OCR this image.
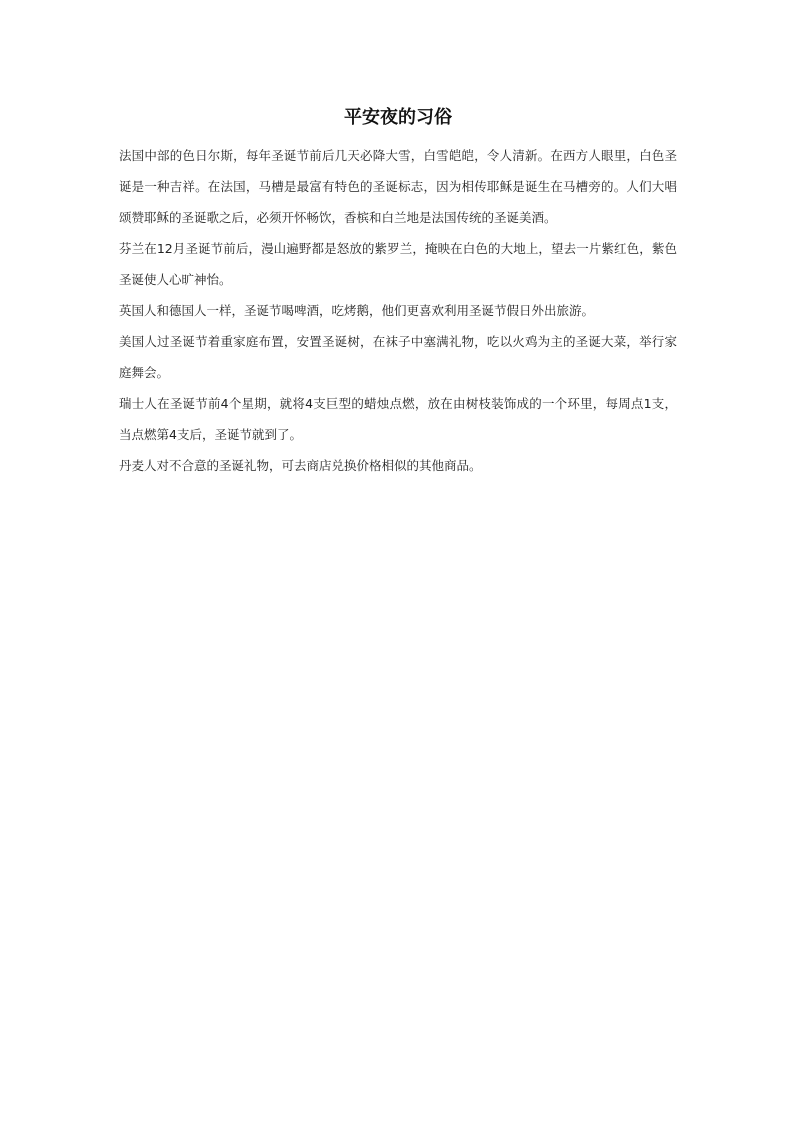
平安夜的习俗

法国中部的色日尔斯，每年圣诞节前后几天必降大雪，白雪皑皑，令人清新。在西方人眼里，白色圣诞是一种吉祥。在法国，马槽是最富有特色的圣诞标志，因为相传耶稣是诞生在马槽旁的。人们大唱颂赞耶稣的圣诞歌之后，必须开怀畅饮，香槟和白兰地是法国传统的圣诞美酒。

芬兰在12月圣诞节前后，漫山遍野都是怒放的紫罗兰，掩映在白色的大地上，望去一片紫红色，紫色圣诞使人心旷神怡。

英国人和德国人一样，圣诞节喝啤酒，吃烤鹅，他们更喜欢利用圣诞节假日外出旅游。

美国人过圣诞节着重家庭布置，安置圣诞树，在袜子中塞满礼物，吃以火鸡为主的圣诞大菜，举行家庭舞会。

瑞士人在圣诞节前4个星期，就将4支巨型的蜡烛点燃，放在由树枝装饰成的一个环里，每周点1支，当点燃第4支后，圣诞节就到了。

丹麦人对不合意的圣诞礼物，可去商店兑换价格相似的其他商品。
